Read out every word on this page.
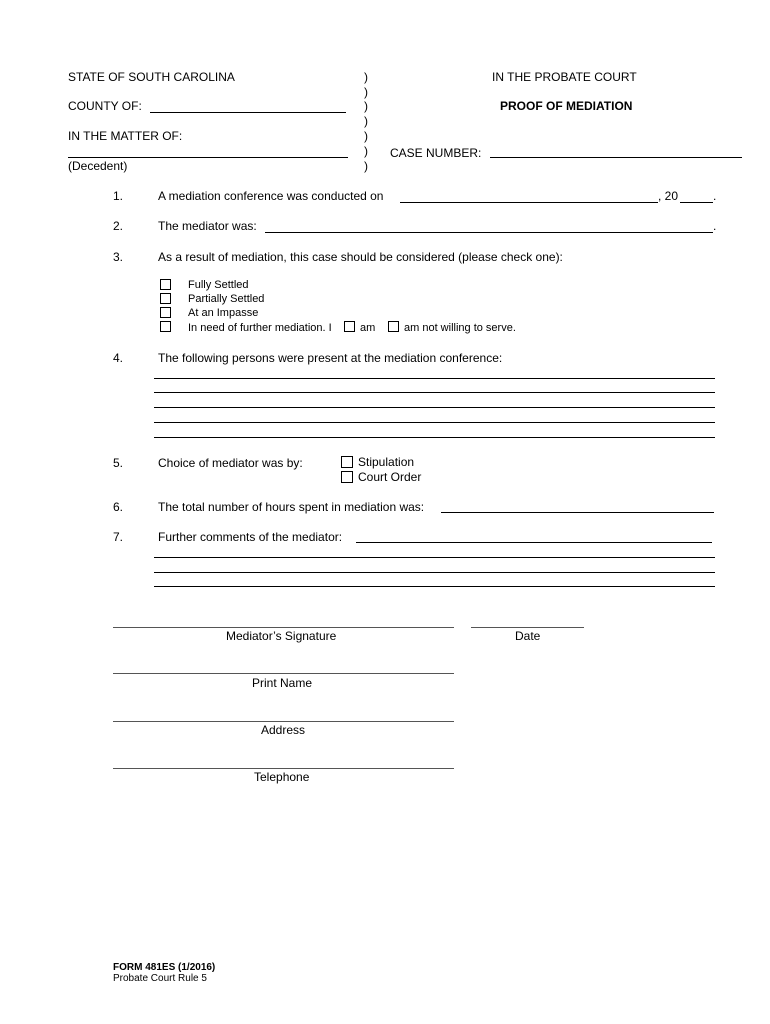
STATE OF SOUTH CAROLINA
COUNTY OF:
IN THE MATTER OF:
(Decedent)
)
)
)
)
)
)
)
IN THE PROBATE COURT
PROOF OF MEDIATION
CASE NUMBER:
1.	A mediation conference was conducted on	, 20	.
2.	The mediator was:	.
3.	As a result of mediation, this case should be considered (please check one):
Fully Settled
Partially Settled
At an Impasse
In need of further mediation. I	am	am not willing to serve.
4.	The following persons were present at the mediation conference:
5.	Choice of mediator was by:	Stipulation
Court Order
6.	The total number of hours spent in mediation was:
7.	Further comments of the mediator:
Mediator’s Signature	Date
Print Name
Address
Telephone
FORM 481ES (1/2016)
Probate Court Rule 5
